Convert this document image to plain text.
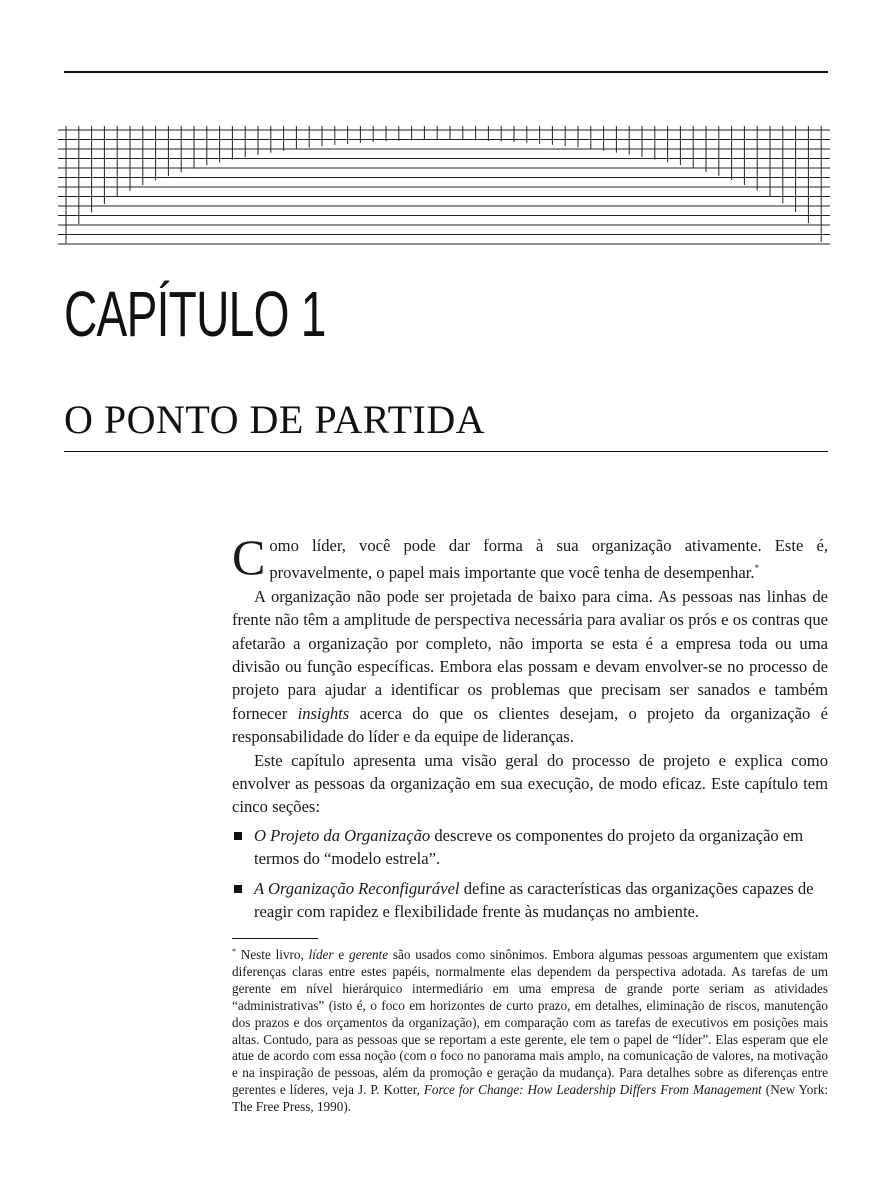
CAPÍTULO 1
O PONTO DE PARTIDA

Como líder, você pode dar forma à sua organização ativamente. Este é, provavelmente, o papel mais importante que você tenha de desempenhar.*

A organização não pode ser projetada de baixo para cima. As pessoas nas linhas de frente não têm a amplitude de perspectiva necessária para avaliar os prós e os contras que afetarão a organização por completo, não importa se esta é a empresa toda ou uma divisão ou função específicas. Embora elas possam e devam envolver-se no processo de projeto para ajudar a identificar os problemas que precisam ser sanados e também fornecer insights acerca do que os clientes desejam, o projeto da organização é responsabilidade do líder e da equipe de lideranças.

Este capítulo apresenta uma visão geral do processo de projeto e explica como envolver as pessoas da organização em sua execução, de modo eficaz. Este capítulo tem cinco seções:

O Projeto da Organização descreve os componentes do projeto da organização em termos do “modelo estrela”.
A Organização Reconfigurável define as características das organizações capazes de reagir com rapidez e flexibilidade frente às mudanças no ambiente.

* Neste livro, líder e gerente são usados como sinônimos. Embora algumas pessoas argumentem que existam diferenças claras entre estes papéis, normalmente elas dependem da perspectiva adotada. As tarefas de um gerente em nível hierárquico intermediário em uma empresa de grande porte seriam as atividades “administrativas” (isto é, o foco em horizontes de curto prazo, em detalhes, eliminação de riscos, manutenção dos prazos e dos orçamentos da organização), em comparação com as tarefas de executivos em posições mais altas. Contudo, para as pessoas que se reportam a este gerente, ele tem o papel de “líder”. Elas esperam que ele atue de acordo com essa noção (com o foco no panorama mais amplo, na comunicação de valores, na motivação e na inspiração de pessoas, além da promoção e geração da mudança). Para detalhes sobre as diferenças entre gerentes e líderes, veja J. P. Kotter, Force for Change: How Leadership Differs From Management (New York: The Free Press, 1990).
